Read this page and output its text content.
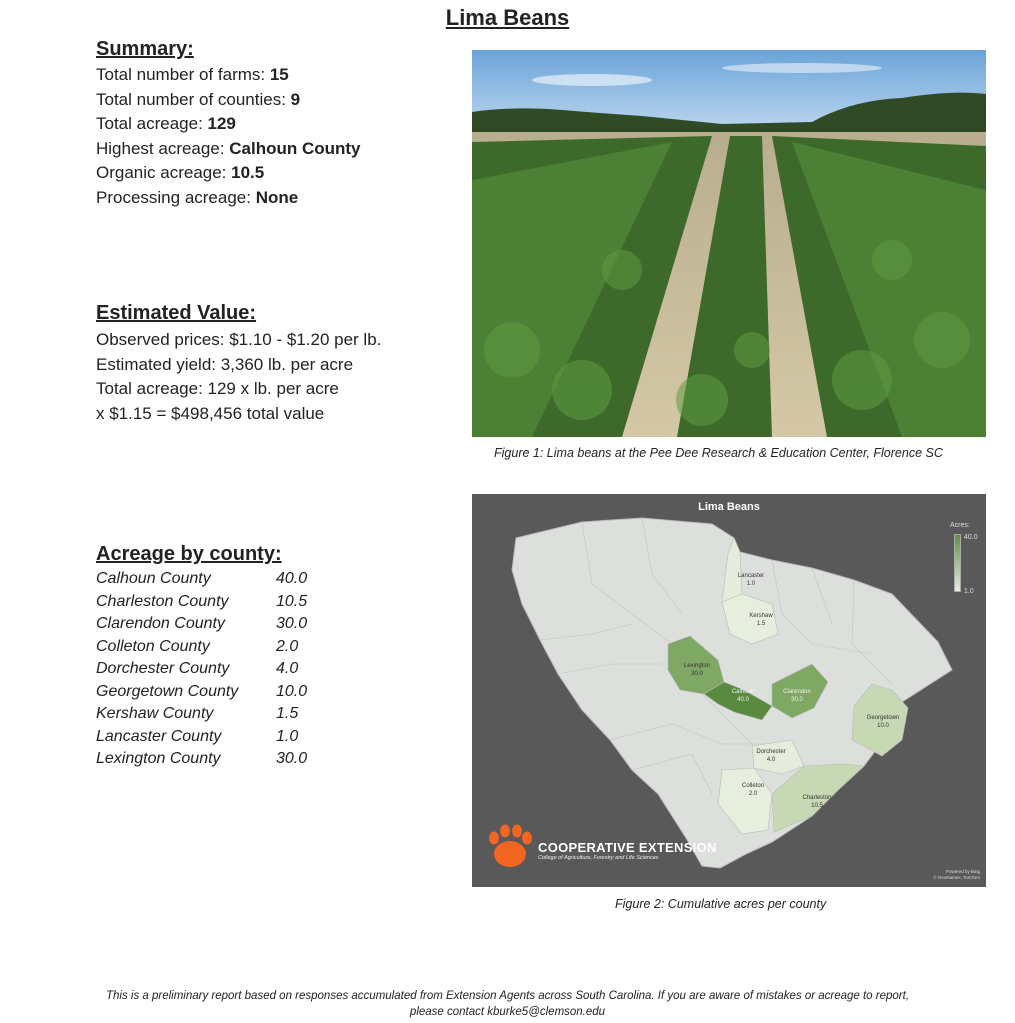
Lima Beans
Summary:
Total number of farms: 15
Total number of counties: 9
Total acreage: 129
Highest acreage: Calhoun County
Organic acreage: 10.5
Processing acreage: None
Estimated Value:
Observed prices: $1.10 - $1.20 per lb.
Estimated yield: 3,360 lb. per acre
Total acreage: 129 x lb. per acre
x $1.15 = $498,456 total value
Acreage by county:
Calhoun County	40.0
Charleston County	10.5
Clarendon County	30.0
Colleton County	2.0
Dorchester County	4.0
Georgetown County	10.0
Kershaw County	1.5
Lancaster County	1.0
Lexington County	30.0
Figure 1: Lima beans at the Pee Dee Research & Education Center, Florence SC
Lima Beans
Acres:
40.0
1.0
Lancaster
1.0
Kershaw
1.5
Lexington
30.0
Calhoun
40.0
Clarendon
30.0
Georgetown
10.0
Dorchester
4.0
Colleton
2.0
Charleston
10.5
COOPERATIVE EXTENSION
College of Agriculture, Forestry and Life Sciences
Powered by Bing
© GeoNames, TomTom
Figure 2: Cumulative acres per county
This is a preliminary report based on responses accumulated from Extension Agents across South Carolina. If you are aware of mistakes or acreage to report, please contact kburke5@clemson.edu
